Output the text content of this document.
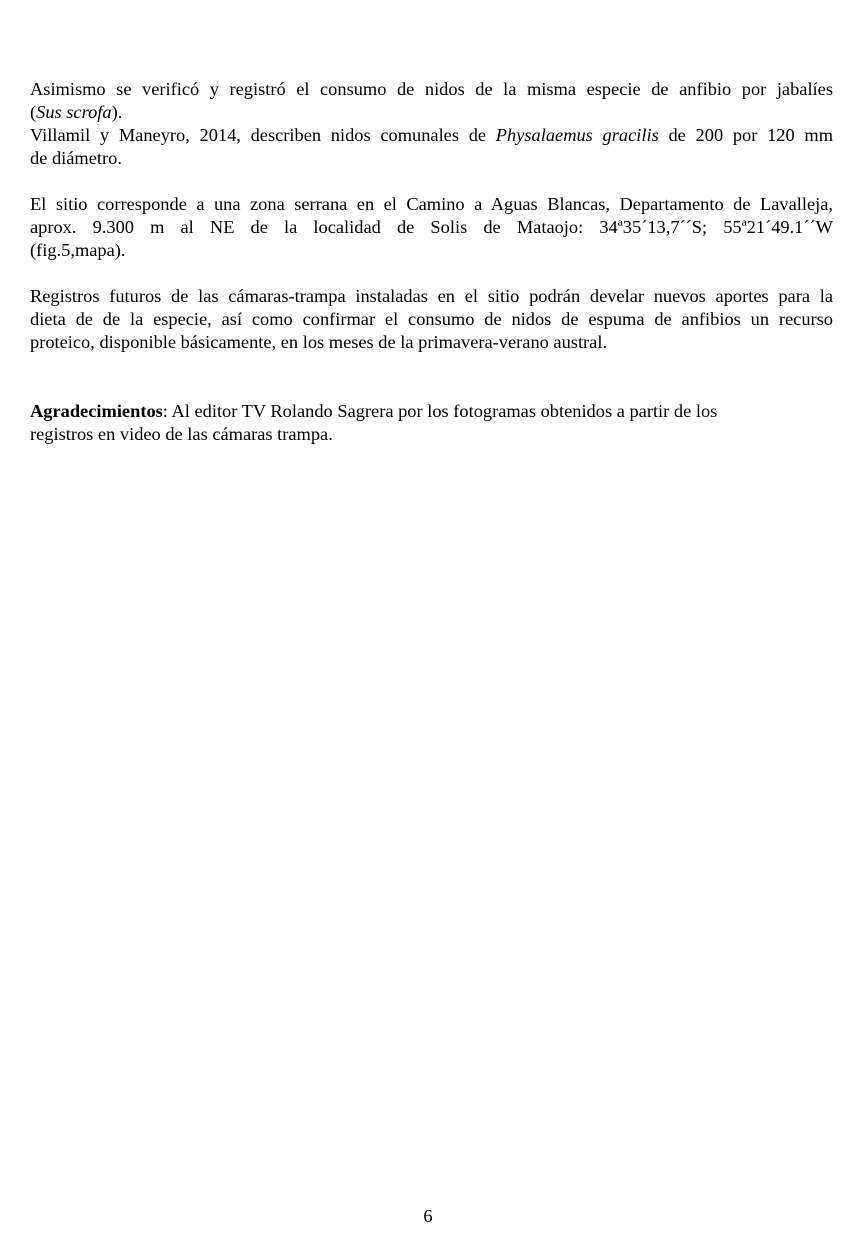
Asimismo se verificó y registró el consumo de nidos de la misma especie de anfibio por jabalíes
(Sus scrofa).
Villamil y Maneyro, 2014, describen nidos comunales de Physalaemus gracilis de 200 por 120 mm
de diámetro.
El sitio corresponde a una zona serrana en el Camino a Aguas Blancas, Departamento de Lavalleja,
aprox. 9.300 m al NE de la localidad de Solis de Mataojo: 34ª35´13,7´´S; 55ª21´49.1´´W
(fig.5,mapa).
Registros futuros de las cámaras-trampa instaladas en el sitio podrán develar nuevos aportes para la
dieta de de la especie, así como confirmar el consumo de nidos de espuma de anfibios un recurso
proteico, disponible básicamente, en los meses de la primavera-verano austral.
Agradecimientos: Al editor TV Rolando Sagrera por los fotogramas obtenidos a partir de los
registros en video de las cámaras trampa.
6
